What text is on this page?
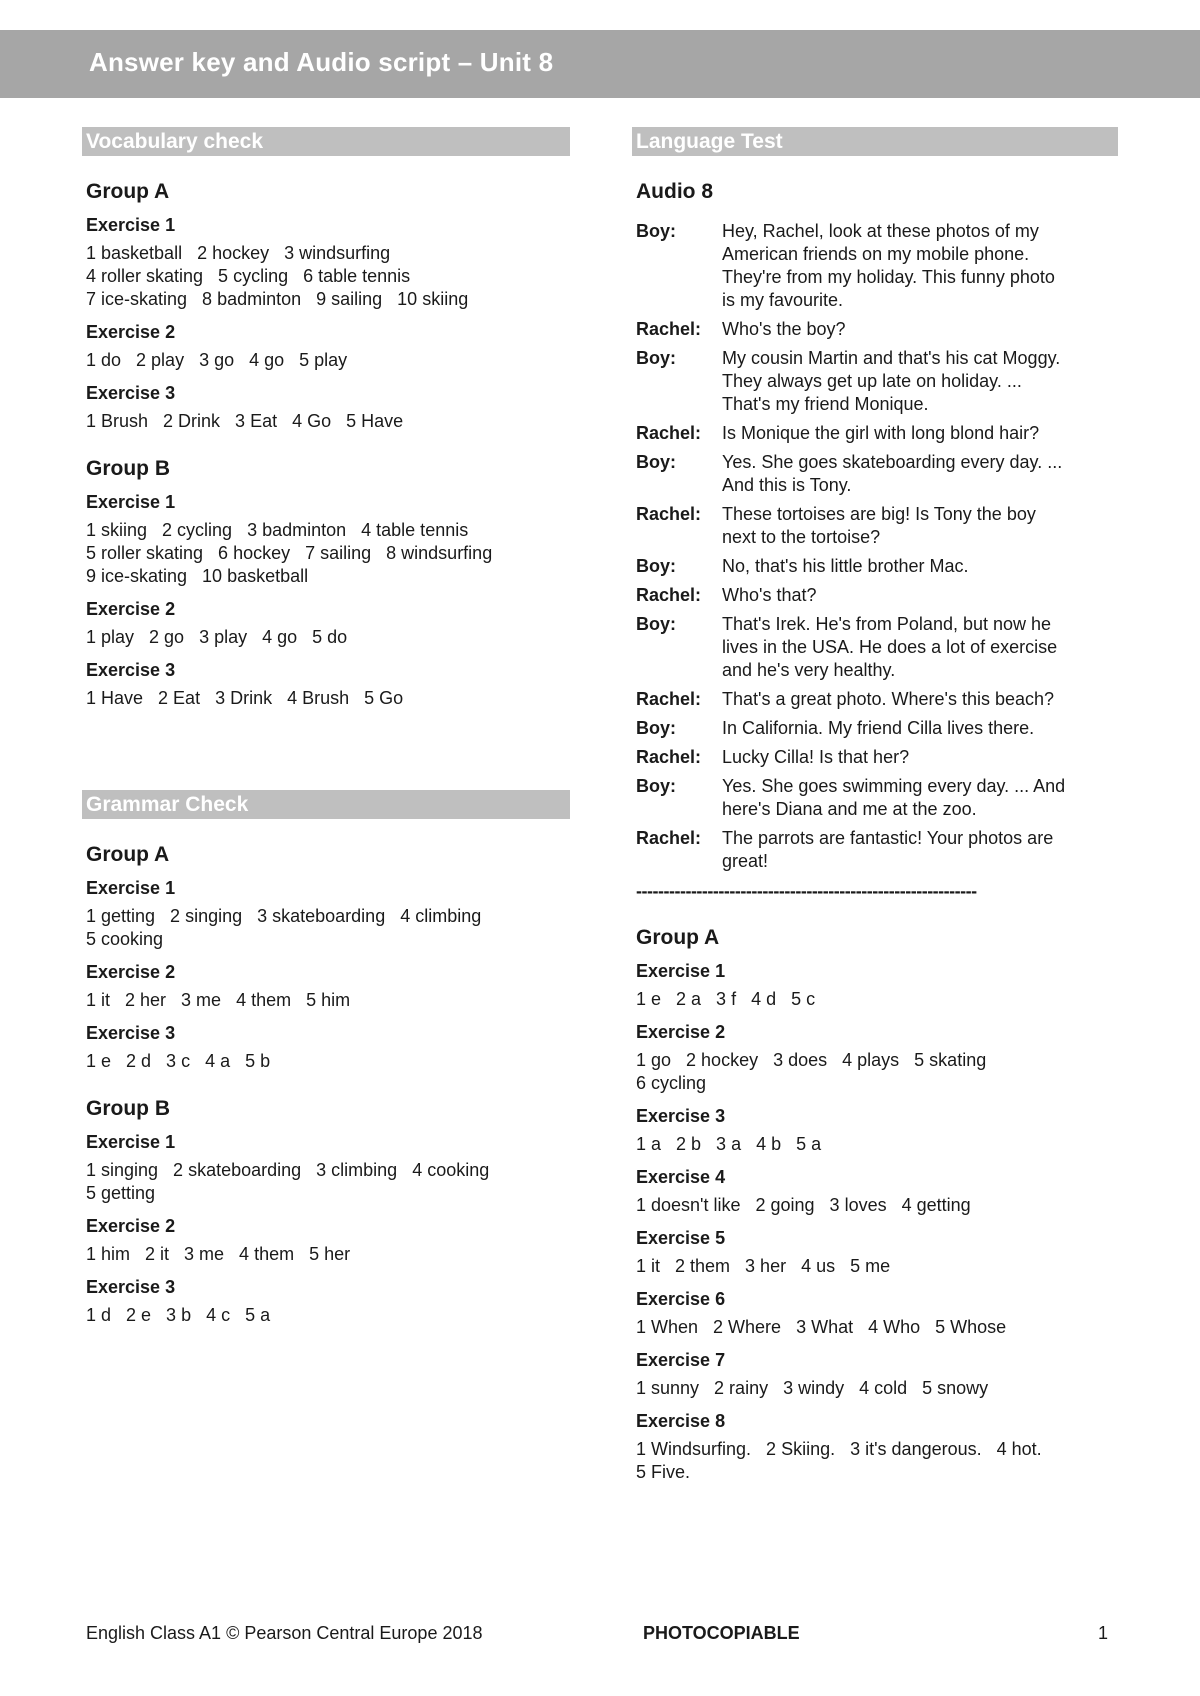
Answer key and Audio script – Unit 8
Vocabulary check
Group A
Exercise 1
1 basketball   2 hockey   3 windsurfing
4 roller skating   5 cycling   6 table tennis
7 ice-skating   8 badminton   9 sailing   10 skiing
Exercise 2
1 do   2 play   3 go   4 go   5 play
Exercise 3
1 Brush   2 Drink   3 Eat   4 Go   5 Have
Group B
Exercise 1
1 skiing   2 cycling   3 badminton   4 table tennis
5 roller skating   6 hockey   7 sailing   8 windsurfing
9 ice-skating   10 basketball
Exercise 2
1 play   2 go   3 play   4 go   5 do
Exercise 3
1 Have   2 Eat   3 Drink   4 Brush   5 Go
Grammar Check
Group A
Exercise 1
1 getting   2 singing   3 skateboarding   4 climbing
5 cooking
Exercise 2
1 it   2 her   3 me   4 them   5 him
Exercise 3
1 e   2 d   3 c   4 a   5 b
Group B
Exercise 1
1 singing   2 skateboarding   3 climbing   4 cooking
5 getting
Exercise 2
1 him   2 it   3 me   4 them   5 her
Exercise 3
1 d   2 e   3 b   4 c   5 a
Language Test
Audio 8
Boy:	Hey, Rachel, look at these photos of my
American friends on my mobile phone.
They're from my holiday. This funny photo
is my favourite.
Rachel:	Who's the boy?
Boy:	My cousin Martin and that's his cat Moggy.
They always get up late on holiday. ...
That's my friend Monique.
Rachel:	Is Monique the girl with long blond hair?
Boy:	Yes. She goes skateboarding every day. ...
And this is Tony.
Rachel:	These tortoises are big! Is Tony the boy
next to the tortoise?
Boy:	No, that's his little brother Mac.
Rachel:	Who's that?
Boy:	That's Irek. He's from Poland, but now he
lives in the USA. He does a lot of exercise
and he's very healthy.
Rachel:	That's a great photo. Where's this beach?
Boy:	In California. My friend Cilla lives there.
Rachel:	Lucky Cilla! Is that her?
Boy:	Yes. She goes swimming every day. ... And
here's Diana and me at the zoo.
Rachel:	The parrots are fantastic! Your photos are
great!
--------------------------------------------------------------
Group A
Exercise 1
1 e   2 a   3 f   4 d   5 c
Exercise 2
1 go   2 hockey   3 does   4 plays   5 skating
6 cycling
Exercise 3
1 a   2 b   3 a   4 b   5 a
Exercise 4
1 doesn't like   2 going   3 loves   4 getting
Exercise 5
1 it   2 them   3 her   4 us   5 me
Exercise 6
1 When   2 Where   3 What   4 Who   5 Whose
Exercise 7
1 sunny   2 rainy   3 windy   4 cold   5 snowy
Exercise 8
1 Windsurfing.   2 Skiing.   3 it's dangerous.   4 hot.
5 Five.
English Class A1 © Pearson Central Europe 2018	PHOTOCOPIABLE	1
